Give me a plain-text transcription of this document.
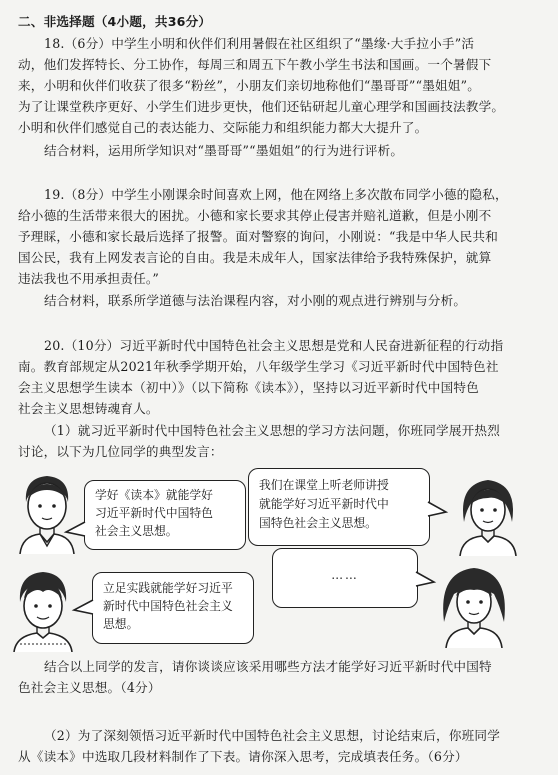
二、非选择题（4小题，共36分）
18.（6分）中学生小明和伙伴们利用暑假在社区组织了“墨缘·大手拉小手”活
动，他们发挥特长、分工协作，每周三和周五下午教小学生书法和国画。一个暑假下
来，小明和伙伴们收获了很多“粉丝”，小朋友们亲切地称他们“墨哥哥”“墨姐姐”。
为了让课堂秩序更好、小学生们进步更快，他们还钻研起儿童心理学和国画技法教学。
小明和伙伴们感觉自己的表达能力、交际能力和组织能力都大大提升了。
结合材料，运用所学知识对“墨哥哥”“墨姐姐”的行为进行评析。
19.（8分）中学生小刚课余时间喜欢上网，他在网络上多次散布同学小德的隐私，
给小德的生活带来很大的困扰。小德和家长要求其停止侵害并赔礼道歉，但是小刚不
予理睬，小德和家长最后选择了报警。面对警察的询问，小刚说：“我是中华人民共和
国公民，我有上网发表言论的自由。我是未成年人，国家法律给予我特殊保护，就算
违法我也不用承担责任。”
结合材料，联系所学道德与法治课程内容，对小刚的观点进行辨别与分析。
20.（10分）习近平新时代中国特色社会主义思想是党和人民奋进新征程的行动指
南。教育部规定从2021年秋季学期开始，八年级学生学习《习近平新时代中国特色社
会主义思想学生读本（初中）》（以下简称《读本》），坚持以习近平新时代中国特色
社会主义思想铸魂育人。
（1）就习近平新时代中国特色社会主义思想的学习方法问题，你班同学展开热烈
讨论，以下为几位同学的典型发言：
学好《读本》就能学好
习近平新时代中国特色
社会主义思想。
我们在课堂上听老师讲授
就能学好习近平新时代中
国特色社会主义思想。
立足实践就能学好习近平
新时代中国特色社会主义
思想。
……
结合以上同学的发言，请你谈谈应该采用哪些方法才能学好习近平新时代中国特
色社会主义思想。（4分）
（2）为了深刻领悟习近平新时代中国特色社会主义思想，讨论结束后，你班同学
从《读本》中选取几段材料制作了下表。请你深入思考，完成填表任务。（6分）
